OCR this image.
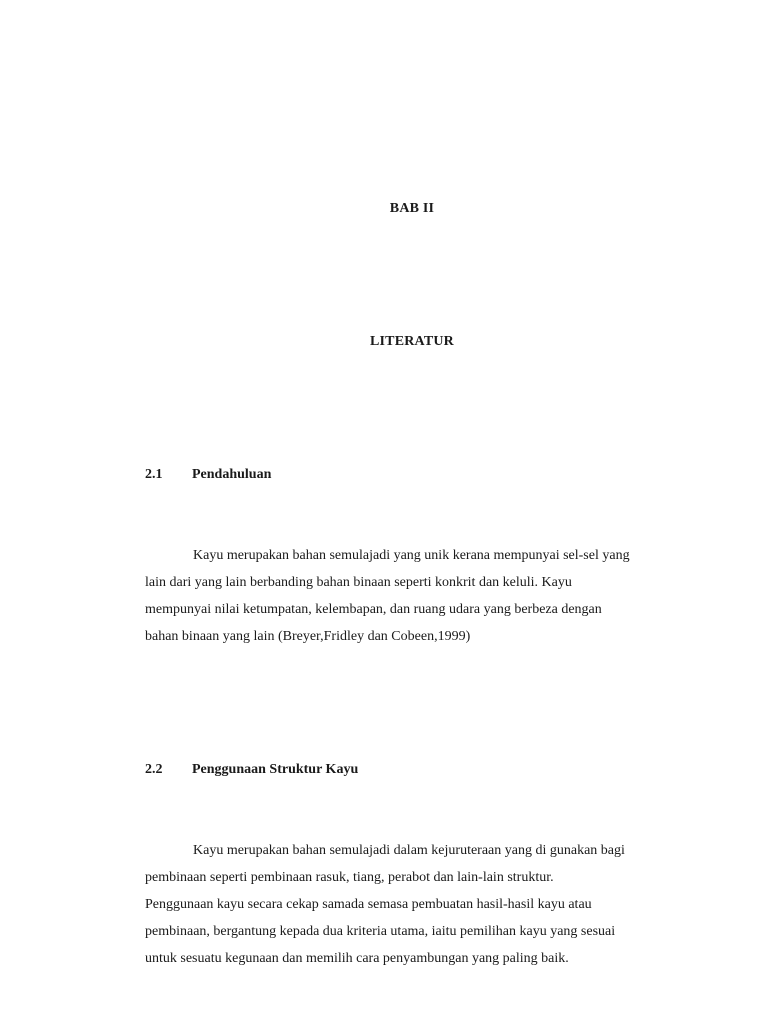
BAB II
LITERATUR
2.1 Pendahuluan

Kayu merupakan bahan semulajadi yang unik kerana mempunyai sel-sel yang
lain dari yang lain berbanding bahan binaan seperti konkrit dan keluli. Kayu
mempunyai nilai ketumpatan, kelembapan, dan ruang udara yang berbeza dengan
bahan binaan yang lain (Breyer,Fridley dan Cobeen,1999)

2.2 Penggunaan Struktur Kayu

Kayu merupakan bahan semulajadi dalam kejuruteraan yang di gunakan bagi
pembinaan seperti pembinaan rasuk, tiang, perabot dan lain-lain struktur.
Penggunaan kayu secara cekap samada semasa pembuatan hasil-hasil kayu atau
pembinaan, bergantung kepada dua kriteria utama, iaitu pemilihan kayu yang sesuai
untuk sesuatu kegunaan dan memilih cara penyambungan yang paling baik.
